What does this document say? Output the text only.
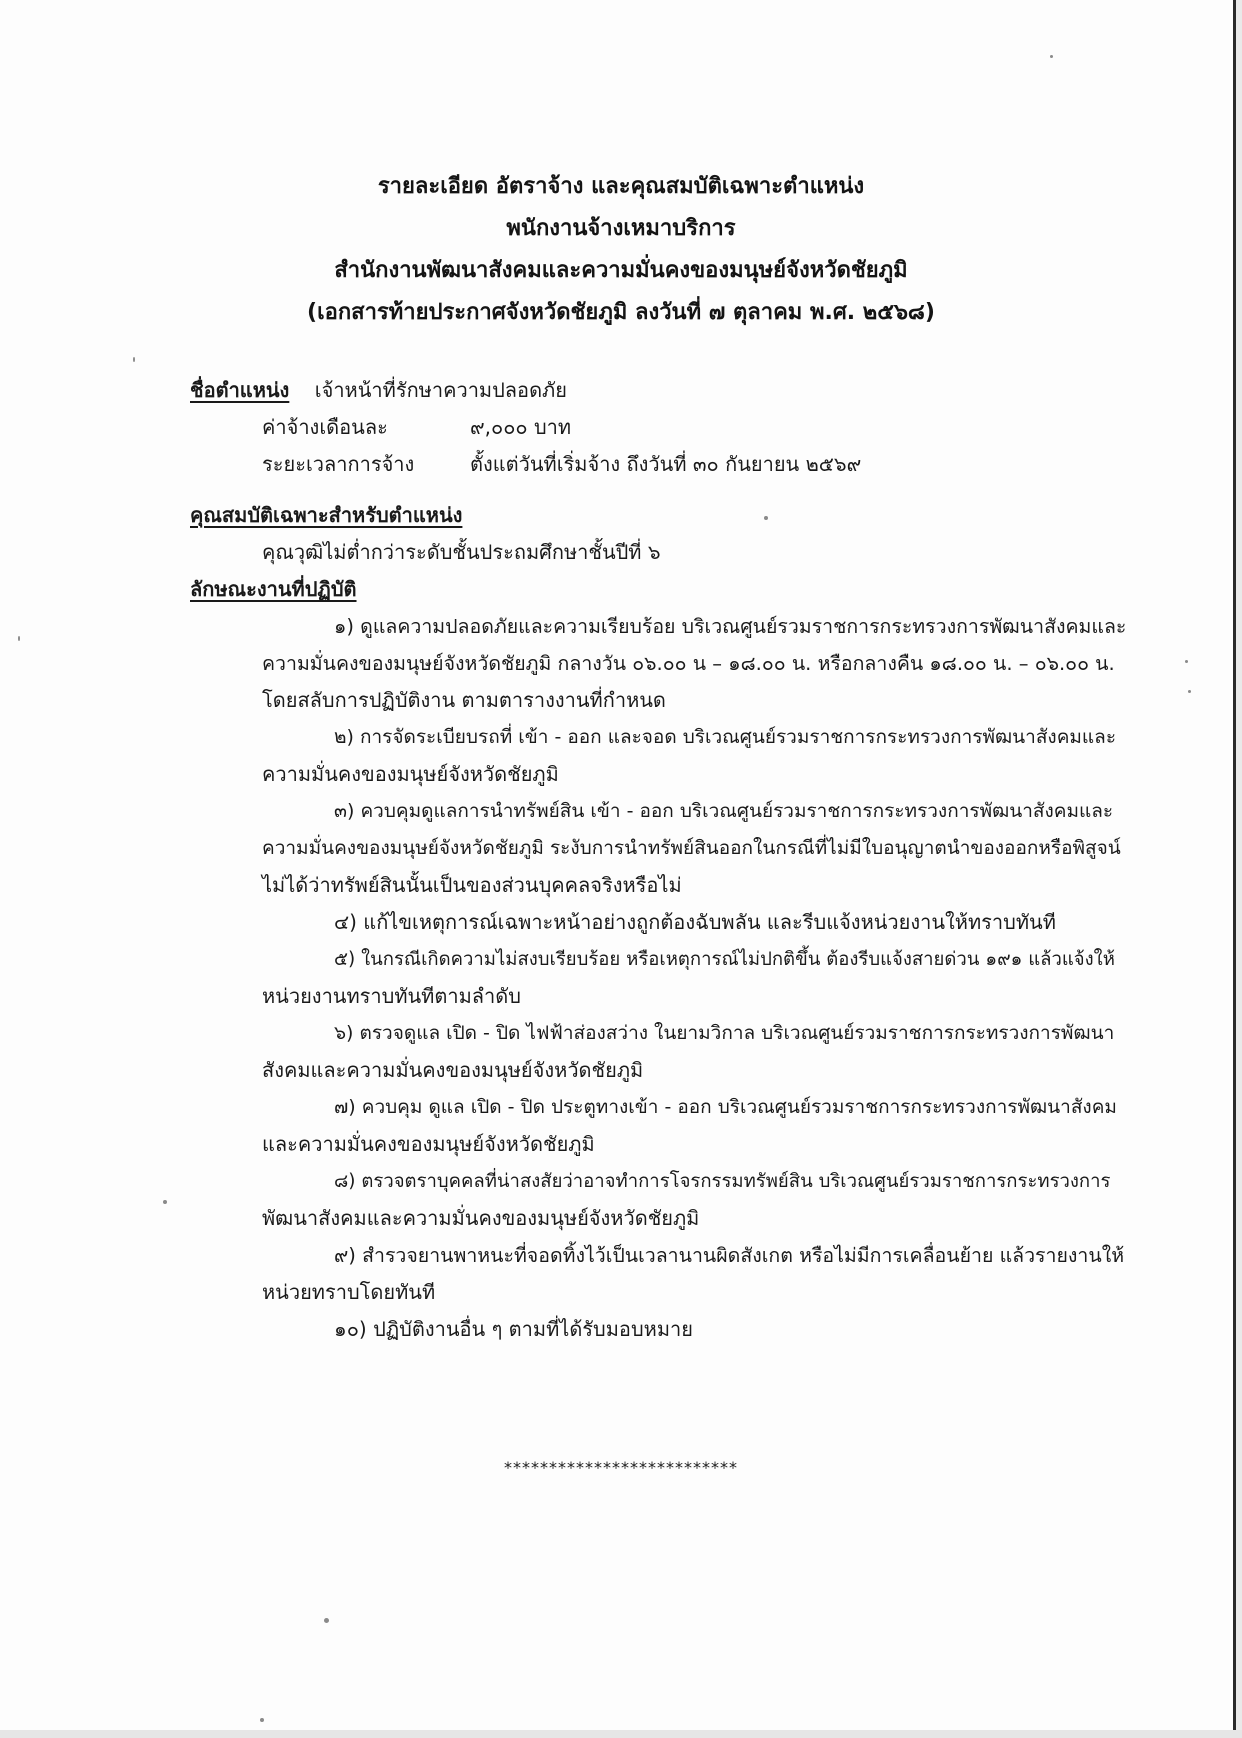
รายละเอียด อัตราจ้าง และคุณสมบัติเฉพาะตำแหน่ง
พนักงานจ้างเหมาบริการ
สำนักงานพัฒนาสังคมและความมั่นคงของมนุษย์จังหวัดชัยภูมิ
(เอกสารท้ายประกาศจังหวัดชัยภูมิ ลงวันที่ ๗ ตุลาคม พ.ศ. ๒๕๖๘)
ชื่อตำแหน่ง เจ้าหน้าที่รักษาความปลอดภัย
ค่าจ้างเดือนละ	๙,๐๐๐ บาท
ระยะเวลาการจ้าง	ตั้งแต่วันที่เริ่มจ้าง ถึงวันที่ ๓๐ กันยายน ๒๕๖๙
คุณสมบัติเฉพาะสำหรับตำแหน่ง
คุณวุฒิไม่ต่ำกว่าระดับชั้นประถมศึกษาชั้นปีที่ ๖
ลักษณะงานที่ปฏิบัติ
๑) ดูแลความปลอดภัยและความเรียบร้อย บริเวณศูนย์รวมราชการกระทรวงการพัฒนาสังคมและ
ความมั่นคงของมนุษย์จังหวัดชัยภูมิ กลางวัน ๐๖.๐๐ น – ๑๘.๐๐ น. หรือกลางคืน ๑๘.๐๐ น. – ๐๖.๐๐ น.
โดยสลับการปฏิบัติงาน ตามตารางงานที่กำหนด
๒) การจัดระเบียบรถที่ เข้า - ออก และจอด บริเวณศูนย์รวมราชการกระทรวงการพัฒนาสังคมและ
ความมั่นคงของมนุษย์จังหวัดชัยภูมิ
๓) ควบคุมดูแลการนำทรัพย์สิน เข้า - ออก บริเวณศูนย์รวมราชการกระทรวงการพัฒนาสังคมและ
ความมั่นคงของมนุษย์จังหวัดชัยภูมิ ระงับการนำทรัพย์สินออกในกรณีที่ไม่มีใบอนุญาตนำของออกหรือพิสูจน์
ไม่ได้ว่าทรัพย์สินนั้นเป็นของส่วนบุคคลจริงหรือไม่
๔) แก้ไขเหตุการณ์เฉพาะหน้าอย่างถูกต้องฉับพลัน และรีบแจ้งหน่วยงานให้ทราบทันที
๕) ในกรณีเกิดความไม่สงบเรียบร้อย หรือเหตุการณ์ไม่ปกติขึ้น ต้องรีบแจ้งสายด่วน ๑๙๑ แล้วแจ้งให้
หน่วยงานทราบทันทีตามลำดับ
๖) ตรวจดูแล เปิด - ปิด ไฟฟ้าส่องสว่าง ในยามวิกาล บริเวณศูนย์รวมราชการกระทรวงการพัฒนา
สังคมและความมั่นคงของมนุษย์จังหวัดชัยภูมิ
๗) ควบคุม ดูแล เปิด - ปิด ประตูทางเข้า - ออก บริเวณศูนย์รวมราชการกระทรวงการพัฒนาสังคม
และความมั่นคงของมนุษย์จังหวัดชัยภูมิ
๘) ตรวจตราบุคคลที่น่าสงสัยว่าอาจทำการโจรกรรมทรัพย์สิน บริเวณศูนย์รวมราชการกระทรวงการ
พัฒนาสังคมและความมั่นคงของมนุษย์จังหวัดชัยภูมิ
๙) สำรวจยานพาหนะที่จอดทิ้งไว้เป็นเวลานานผิดสังเกต หรือไม่มีการเคลื่อนย้าย แล้วรายงานให้
หน่วยทราบโดยทันที
๑๐) ปฏิบัติงานอื่น ๆ ตามที่ได้รับมอบหมาย
**************************
